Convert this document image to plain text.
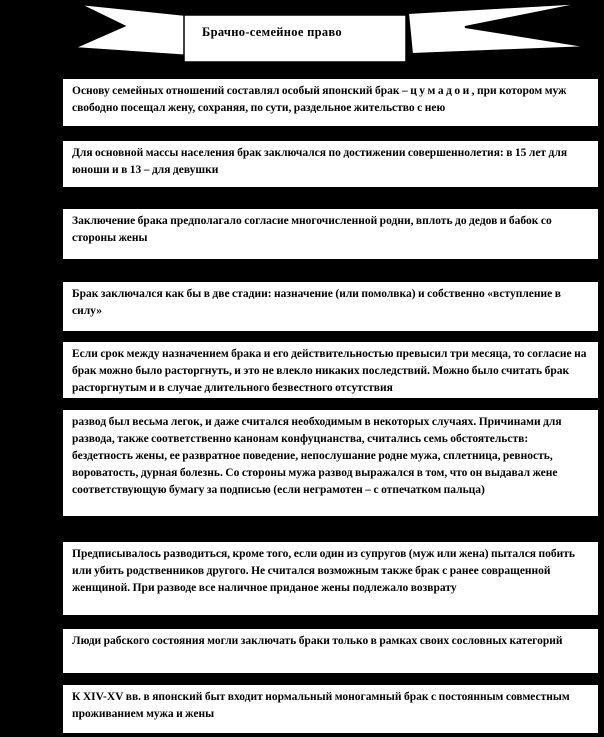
Брачно-семейное право
Основу семейных отношений составлял особый японский брак – ц у м а д о и , при котором муж свободно посещал жену, сохраняя, по сути, раздельное жительство с нею
Для основной массы населения брак заключался по достижении совершеннолетия: в 15 лет для юноши и в 13 – для девушки
Заключение брака предполагало согласие многочисленной родни, вплоть до дедов и бабок со стороны жены
Брак заключался как бы в две стадии: назначение (или помолвка) и собственно «вступление в силу»
Если срок между назначением брака и его действительностью превысил три месяца, то согласие на брак можно было расторгнуть, и это не влекло никаких последствий. Можно было считать брак расторгнутым и в случае длительного безвестного отсутствия
развод был весьма легок, и даже считался необходимым в некоторых случаях. Причинами для развода, также соответственно канонам конфуцианства, считались семь обстоятельств: бездетность жены, ее развратное поведение, непослушание родне мужа, сплетница, ревность, вороватость, дурная болезнь. Со стороны мужа развод выражался в том, что он выдавал жене соответствующую бумагу за подписью (если неграмотен – с отпечатком пальца)
Предписывалось разводиться, кроме того, если один из супругов (муж или жена) пытался побить или убить родственников другого. Не считался возможным также брак с ранее совращенной женщиной. При разводе все наличное приданое жены подлежало возврату
Люди рабского состояния могли заключать браки только в рамках своих сословных категорий
К XIV-XV вв. в японский быт входит нормальный моногамный брак с постоянным совместным проживанием мужа и жены
